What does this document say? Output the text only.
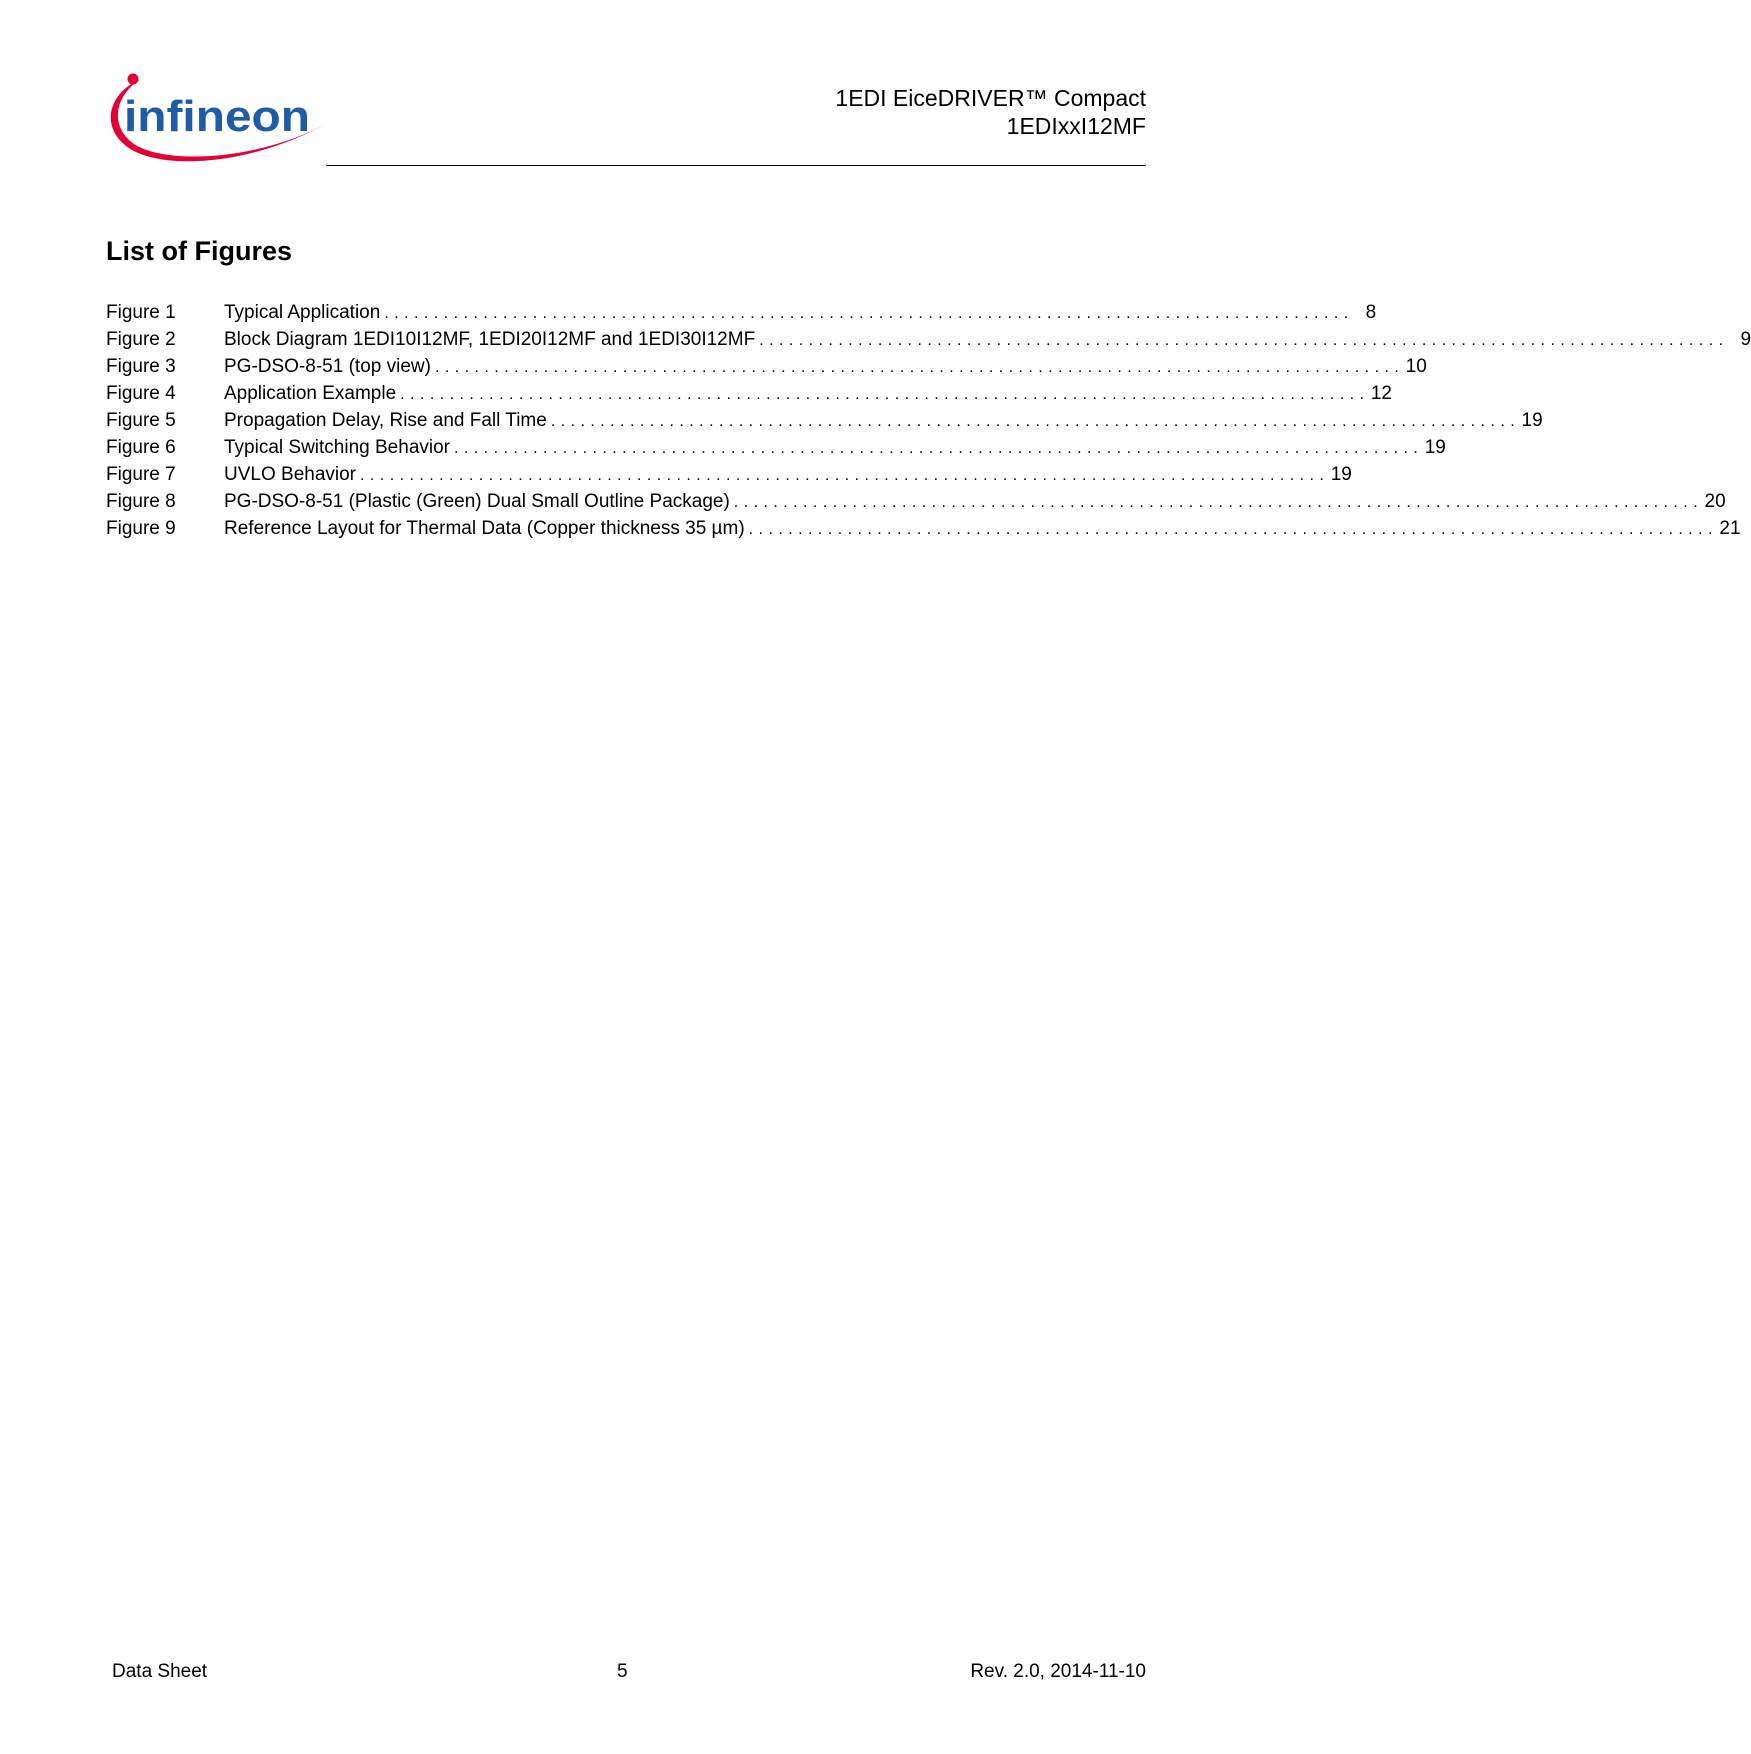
infineon	1EDI EiceDRIVER™ Compact
1EDIxxI12MF
List of Figures
Figure 1	Typical Application . . .	8
Figure 2	Block Diagram 1EDI10I12MF, 1EDI20I12MF and 1EDI30I12MF . . .	9
Figure 3	PG-DSO-8-51 (top view) . . .	10
Figure 4	Application Example . . .	12
Figure 5	Propagation Delay, Rise and Fall Time . . .	19
Figure 6	Typical Switching Behavior . . .	19
Figure 7	UVLO Behavior . . .	19
Figure 8	PG-DSO-8-51 (Plastic (Green) Dual Small Outline Package) . . .	20
Figure 9	Reference Layout for Thermal Data (Copper thickness 35 µm) . . .	21
Data Sheet	5	Rev. 2.0, 2014-11-10
